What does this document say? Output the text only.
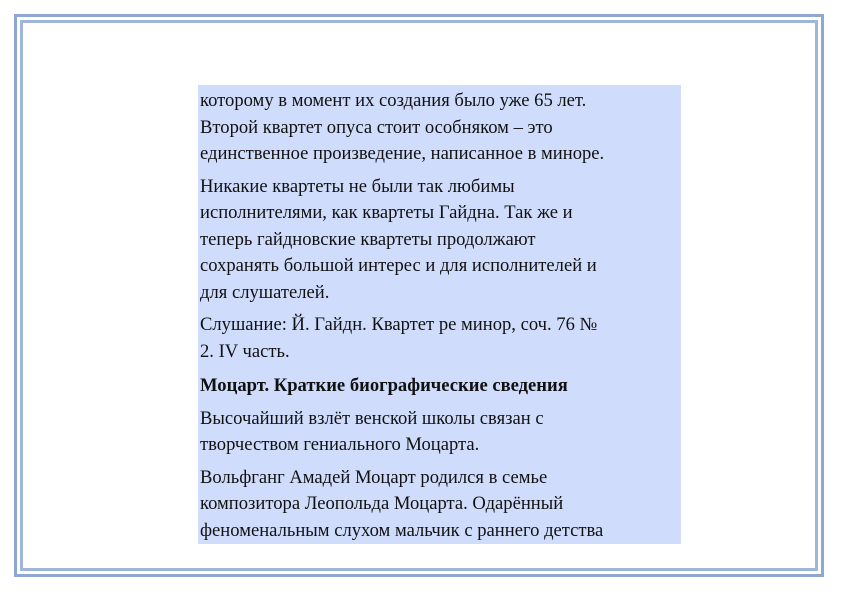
которому в момент их создания было уже 65 лет.
Второй квартет опуса стоит особняком – это
единственное произведение, написанное в миноре.

Никакие квартеты не были так любимы
исполнителями, как квартеты Гайдна. Так же и
теперь гайдновские квартеты продолжают
сохранять большой интерес и для исполнителей и
для слушателей.

Слушание: Й. Гайдн. Квартет ре минор, соч. 76 №
2. IV часть.

Моцарт. Краткие биографические сведения

Высочайший взлёт венской школы связан с
творчеством гениального Моцарта.

Вольфганг Амадей Моцарт родился в семье
композитора Леопольда Моцарта. Одарённый
феноменальным слухом мальчик с раннего детства
